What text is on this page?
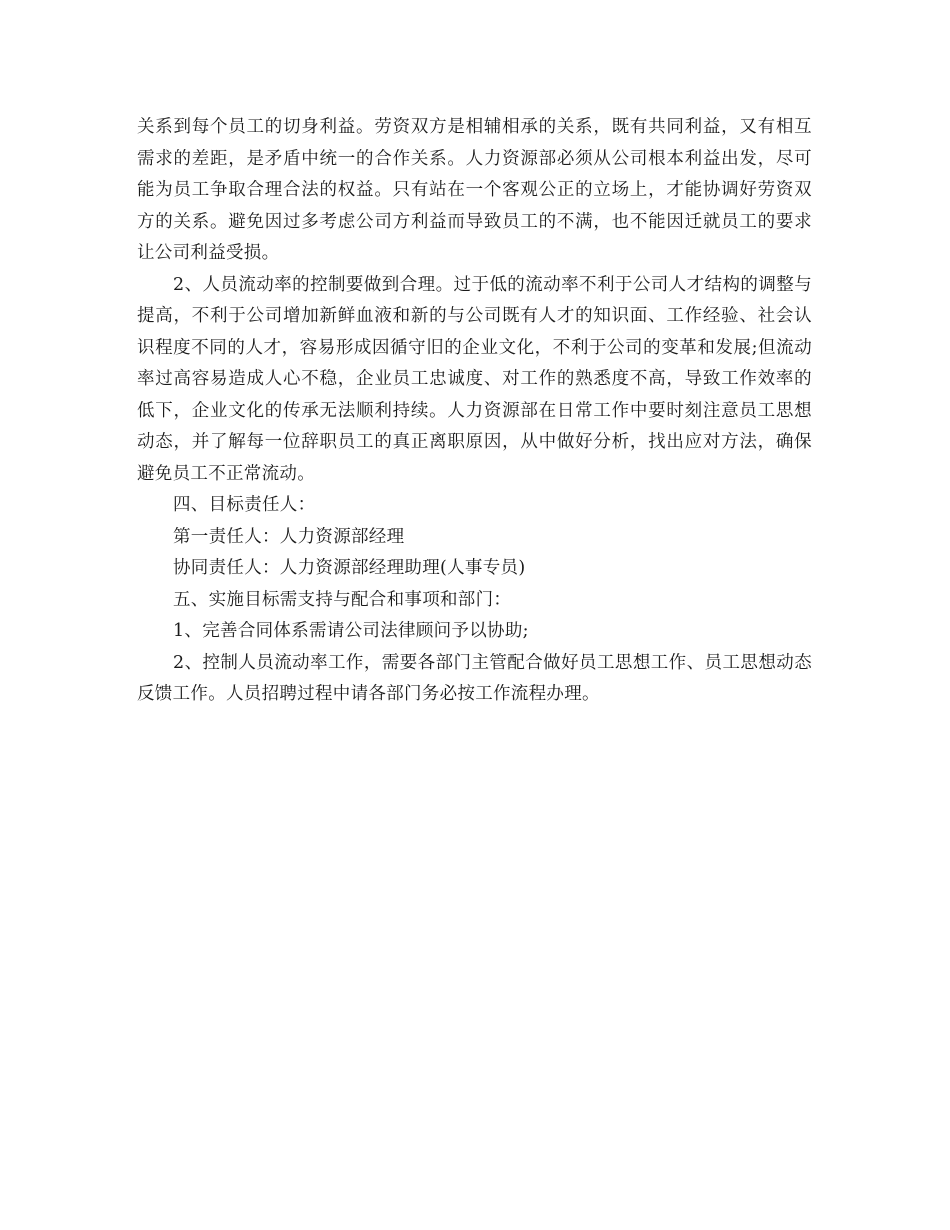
关系到每个员工的切身利益。劳资双方是相辅相承的关系，既有共同利益，又有相互需求的差距，是矛盾中统一的合作关系。人力资源部必须从公司根本利益出发，尽可能为员工争取合理合法的权益。只有站在一个客观公正的立场上，才能协调好劳资双方的关系。避免因过多考虑公司方利益而导致员工的不满，也不能因迁就员工的要求让公司利益受损。

2、人员流动率的控制要做到合理。过于低的流动率不利于公司人才结构的调整与提高，不利于公司增加新鲜血液和新的与公司既有人才的知识面、工作经验、社会认识程度不同的人才，容易形成因循守旧的企业文化，不利于公司的变革和发展;但流动率过高容易造成人心不稳，企业员工忠诚度、对工作的熟悉度不高，导致工作效率的低下，企业文化的传承无法顺利持续。人力资源部在日常工作中要时刻注意员工思想动态，并了解每一位辞职员工的真正离职原因，从中做好分析，找出应对方法，确保避免员工不正常流动。

四、目标责任人：

第一责任人：人力资源部经理

协同责任人：人力资源部经理助理(人事专员)

五、实施目标需支持与配合和事项和部门：

1、完善合同体系需请公司法律顾问予以协助;

2、控制人员流动率工作，需要各部门主管配合做好员工思想工作、员工思想动态反馈工作。人员招聘过程中请各部门务必按工作流程办理。
